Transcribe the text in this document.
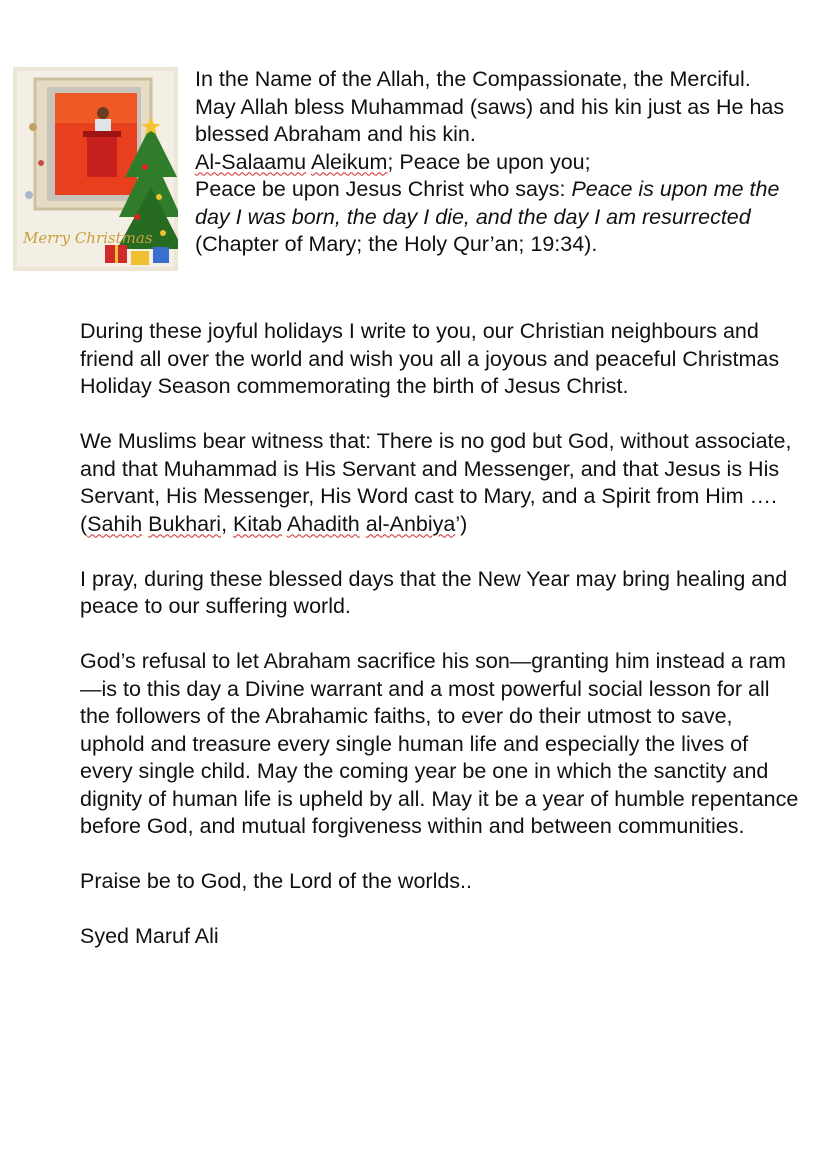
Merry Christmas

In the Name of the Allah, the Compassionate, the Merciful. May Allah bless Muhammad (saws) and his kin just as He has blessed Abraham and his kin.

Al-Salaamu Aleikum; Peace be upon you;

Peace be upon Jesus Christ who says: Peace is upon me the day I was born, the day I die, and the day I am resurrected (Chapter of Mary; the Holy Qur’an; 19:34).

During these joyful holidays I write to you, our Christian neighbours and friend all over the world and wish you all a joyous and peaceful Christmas Holiday Season commemorating the birth of Jesus Christ.

We Muslims bear witness that: There is no god but God, without associate, and that Muhammad is His Servant and Messenger, and that Jesus is His Servant, His Messenger, His Word cast to Mary, and a Spirit from Him …. (Sahih Bukhari, Kitab Ahadith al-Anbiya’)

I pray, during these blessed days that the New Year may bring healing and peace to our suffering world.

God’s refusal to let Abraham sacrifice his son—granting him instead a ram—is to this day a Divine warrant and a most powerful social lesson for all the followers of the Abrahamic faiths, to ever do their utmost to save, uphold and treasure every single human life and especially the lives of every single child. May the coming year be one in which the sanctity and dignity of human life is upheld by all. May it be a year of humble repentance before God, and mutual forgiveness within and between communities.

Praise be to God, the Lord of the worlds..

Syed Maruf Ali
